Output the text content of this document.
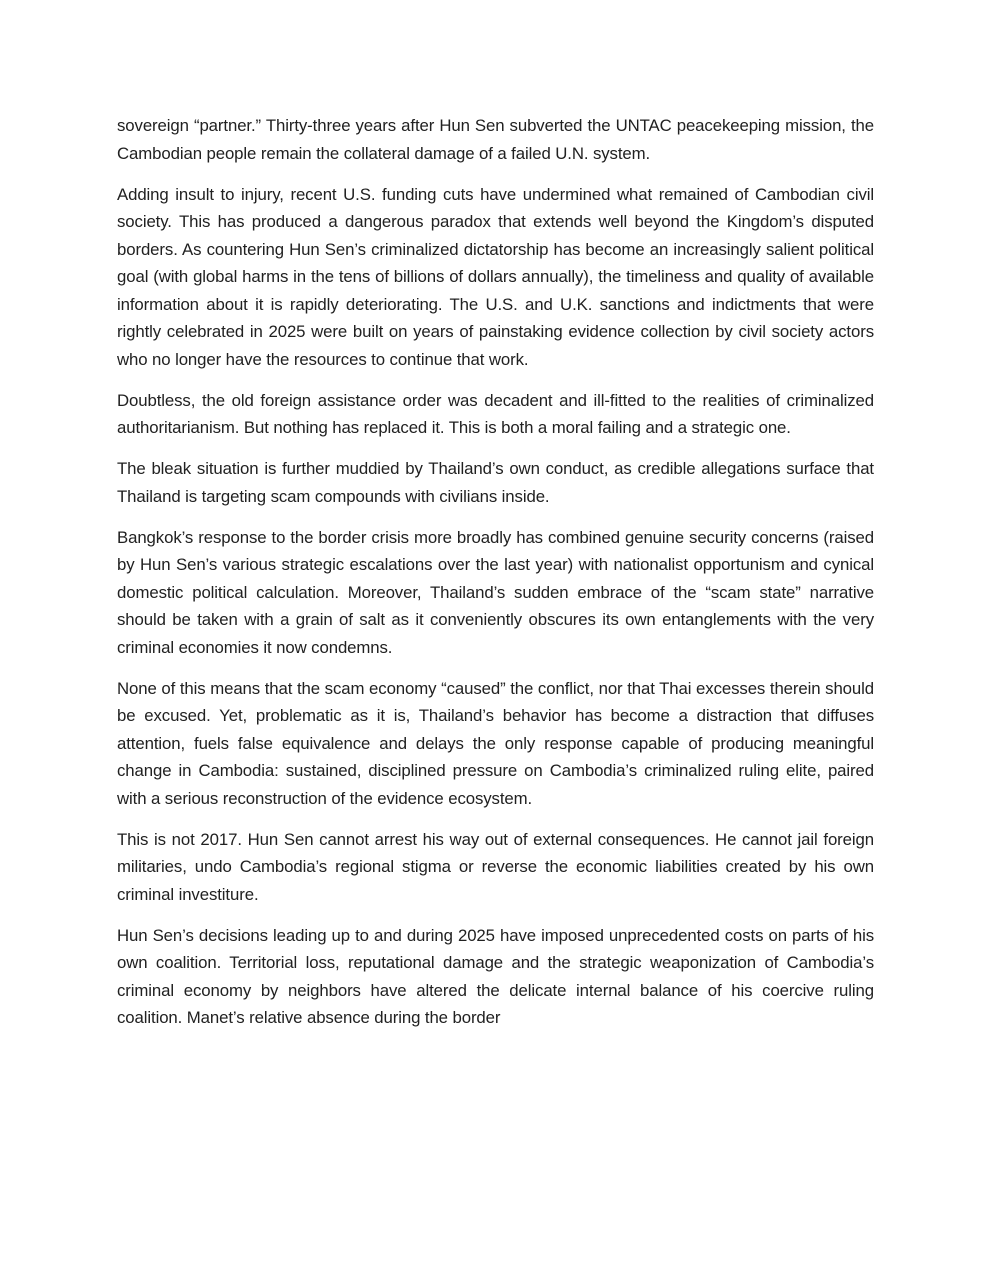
sovereign “partner.” Thirty-three years after Hun Sen subverted the UNTAC peacekeeping mission, the Cambodian people remain the collateral damage of a failed U.N. system.

Adding insult to injury, recent U.S. funding cuts have undermined what remained of Cambodian civil society. This has produced a dangerous paradox that extends well beyond the Kingdom’s disputed borders. As countering Hun Sen’s criminalized dictatorship has become an increasingly salient political goal (with global harms in the tens of billions of dollars annually), the timeliness and quality of available information about it is rapidly deteriorating. The U.S. and U.K. sanctions and indictments that were rightly celebrated in 2025 were built on years of painstaking evidence collection by civil society actors who no longer have the resources to continue that work.

Doubtless, the old foreign assistance order was decadent and ill-fitted to the realities of criminalized authoritarianism. But nothing has replaced it. This is both a moral failing and a strategic one.

The bleak situation is further muddied by Thailand’s own conduct, as credible allegations surface that Thailand is targeting scam compounds with civilians inside.

Bangkok’s response to the border crisis more broadly has combined genuine security concerns (raised by Hun Sen’s various strategic escalations over the last year) with nationalist opportunism and cynical domestic political calculation. Moreover, Thailand’s sudden embrace of the “scam state” narrative should be taken with a grain of salt as it conveniently obscures its own entanglements with the very criminal economies it now condemns.

None of this means that the scam economy “caused” the conflict, nor that Thai excesses therein should be excused. Yet, problematic as it is, Thailand’s behavior has become a distraction that diffuses attention, fuels false equivalence and delays the only response capable of producing meaningful change in Cambodia: sustained, disciplined pressure on Cambodia’s criminalized ruling elite, paired with a serious reconstruction of the evidence ecosystem.

This is not 2017. Hun Sen cannot arrest his way out of external consequences. He cannot jail foreign militaries, undo Cambodia’s regional stigma or reverse the economic liabilities created by his own criminal investiture.

Hun Sen’s decisions leading up to and during 2025 have imposed unprecedented costs on parts of his own coalition. Territorial loss, reputational damage and the strategic weaponization of Cambodia’s criminal economy by neighbors have altered the delicate internal balance of his coercive ruling coalition. Manet’s relative absence during the border
